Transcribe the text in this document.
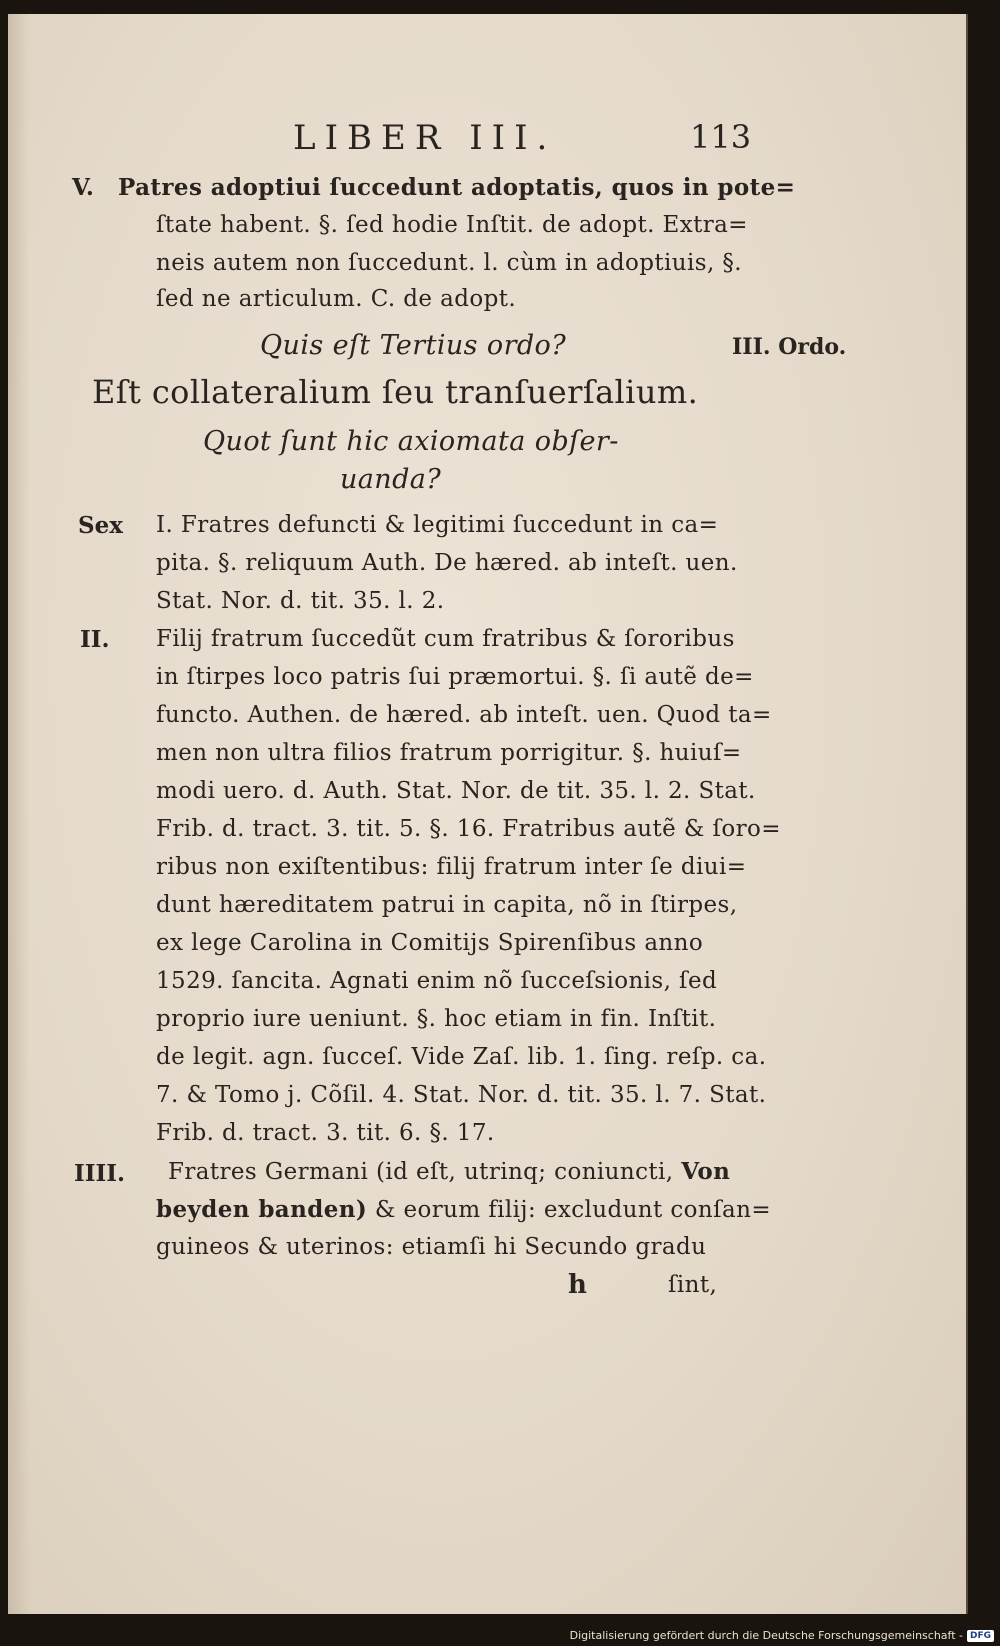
LIBER III.	113
V.
III. Ordo.
Sex
II.
IIII.
Patres adoptiui ſuccedunt adoptatis, quos in pote=
ſtate habent. §. ſed hodie Inſtit. de adopt. Extra=
neis autem non ſuccedunt. l. cùm in adoptiuis, §.
ſed ne articulum. C. de adopt.
Quis eſt Tertius ordo?
Eſt collateralium ſeu tranſuerſalium.
Quot ſunt hic axiomata obſer-
uanda?
I. Fratres defuncti & legitimi ſuccedunt in ca=
pita. §. reliquum Auth. De hæred. ab inteſt. uen.
Stat. Nor. d. tit. 35. l. 2.
Filij fratrum ſuccedũt cum fratribus & ſororibus
in ſtirpes loco patris ſui præmortui. §. ſi autẽ de=
functo. Authen. de hæred. ab inteſt. uen. Quod ta=
men non ultra filios fratrum porrigitur. §. huiuſ=
modi uero. d. Auth. Stat. Nor. de tit. 35. l. 2. Stat.
Frib. d. tract. 3. tit. 5. §. 16. Fratribus autẽ & ſoro=
ribus non exiſtentibus: filij fratrum inter ſe diui=
dunt hæreditatem patrui in capita, nõ in ſtirpes,
ex lege Carolina in Comitijs Spirenſibus anno
1529. ſancita. Agnati enim nõ ſucceſsionis, ſed
proprio iure ueniunt. §. hoc etiam in fin. Inſtit.
de legit. agn. ſucceſ. Vide Zaſ. lib. 1. ſing. reſp. ca.
7. & Tomo j. Cõſil. 4. Stat. Nor. d. tit. 35. l. 7. Stat.
Frib. d. tract. 3. tit. 6. §. 17.
Fratres Germani (id eſt, utrinq; coniuncti, Von
beyden banden) & eorum filij: excludunt conſan=
guineos & uterinos: etiamſi hi Secundo gradu
h	ſint,
Digitalisierung gefördert durch die Deutsche Forschungsgemeinschaft - DFG
